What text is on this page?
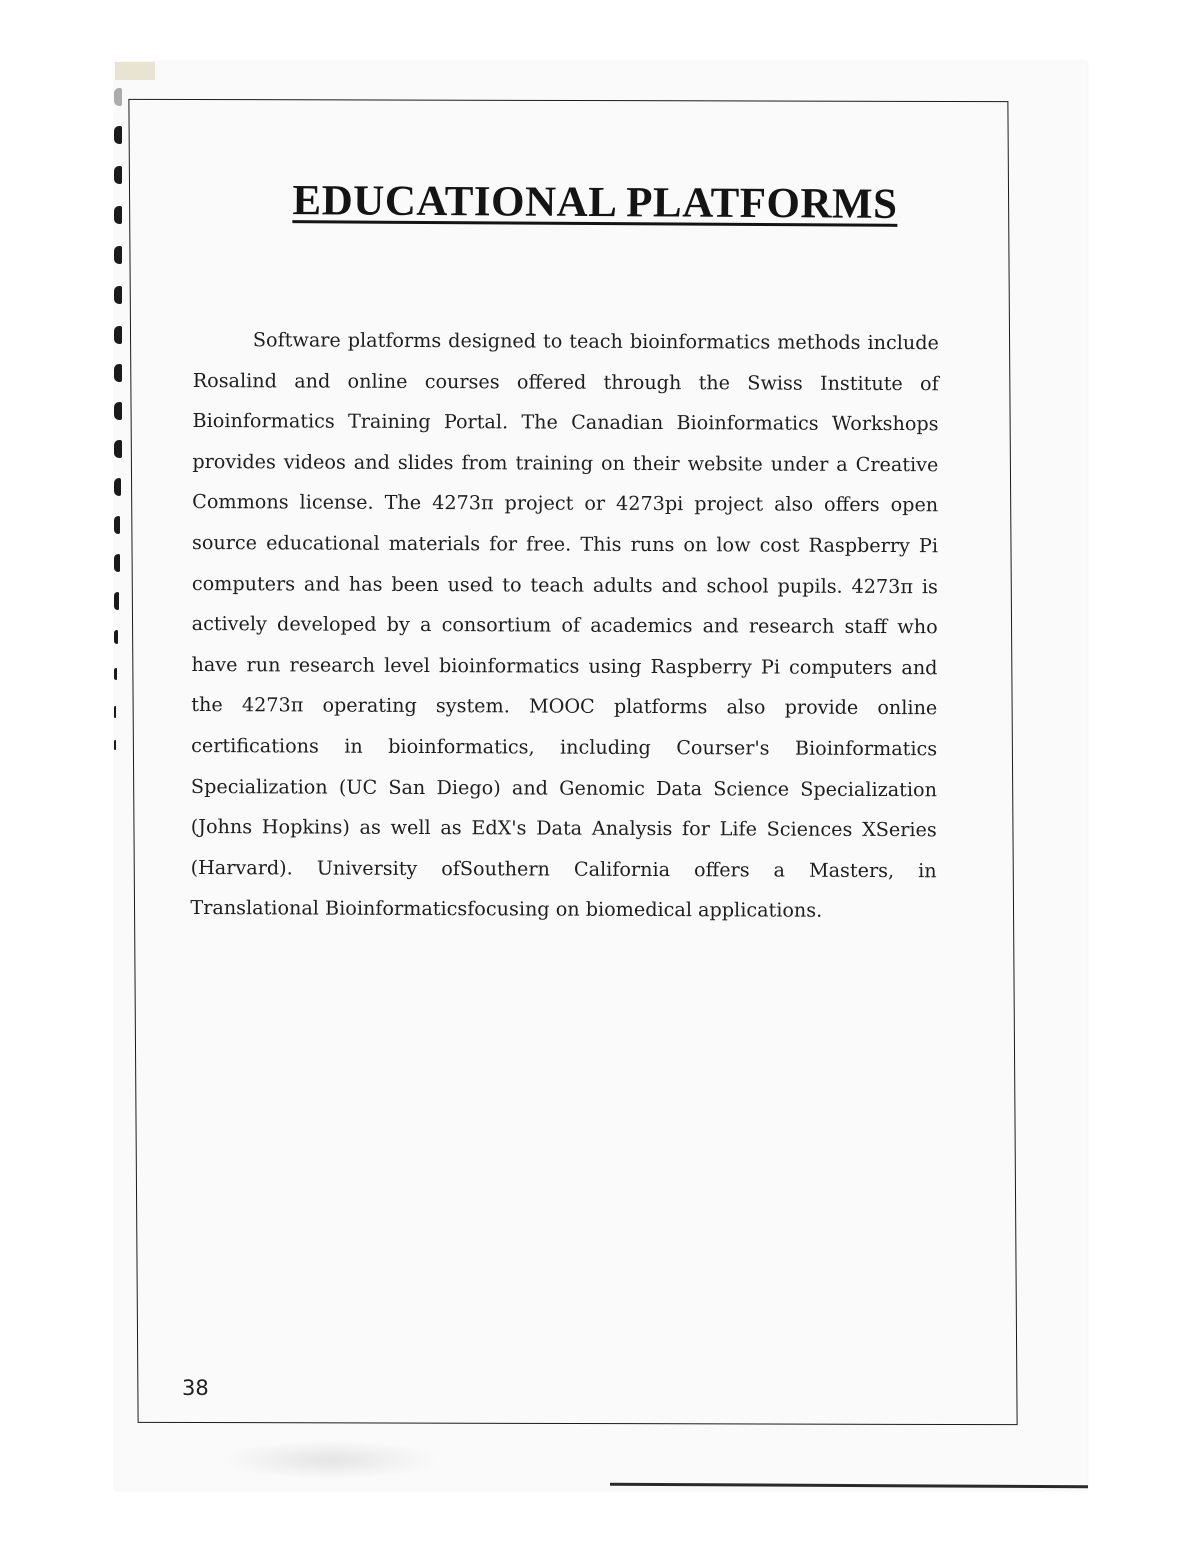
EDUCATIONAL PLATFORMS

Software platforms designed to teach bioinformatics methods include Rosalind and online courses offered through the Swiss Institute of Bioinformatics Training Portal. The Canadian Bioinformatics Workshops provides videos and slides from training on their website under a Creative Commons license. The 4273π project or 4273pi project also offers open source educational materials for free. This runs on low cost Raspberry Pi computers and has been used to teach adults and school pupils. 4273π is actively developed by a consortium of academics and research staff who have run research level bioinformatics using Raspberry Pi computers and the 4273π operating system. MOOC platforms also provide online certifications in bioinformatics, including Courser's Bioinformatics Specialization (UC San Diego) and Genomic Data Science Specialization (Johns Hopkins) as well as EdX's Data Analysis for Life Sciences XSeries (Harvard). University ofSouthern California offers a Masters, in Translational Bioinformaticsfocusing on biomedical applications.

38
